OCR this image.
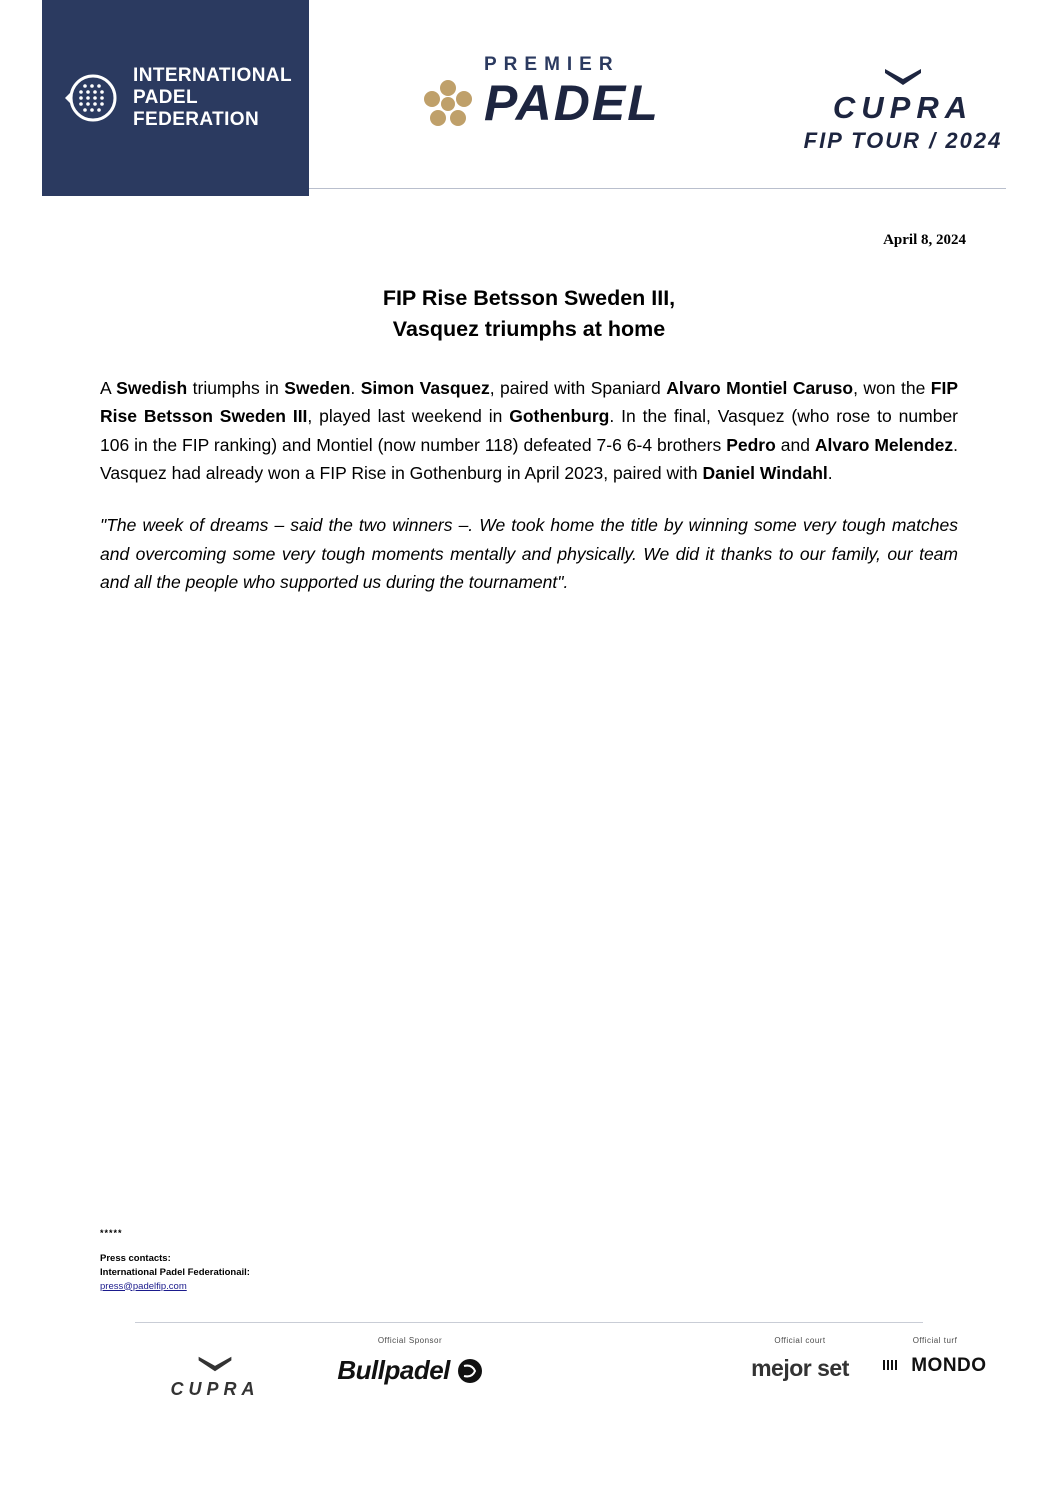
INTERNATIONAL
PADEL
FEDERATION
PREMIER
PADEL	CUPRA
FIP TOUR / 2024
April 8, 2024
FIP Rise Betsson Sweden III,
Vasquez triumphs at home

A Swedish triumphs in Sweden. Simon Vasquez, paired with Spaniard Alvaro Montiel Caruso, won the FIP Rise Betsson Sweden III, played last weekend in Gothenburg. In the final, Vasquez (who rose to number 106 in the FIP ranking) and Montiel (now number 118) defeated 7-6 6-4 brothers Pedro and Alvaro Melendez. Vasquez had already won a FIP Rise in Gothenburg in April 2023, paired with Daniel Windahl.

"The week of dreams – said the two winners –. We took home the title by winning some very tough matches and overcoming some very tough moments mentally and physically. We did it thanks to our family, our team and all the people who supported us during the tournament".

*****
Press contacts:
International Padel Federationail:
press@padelfip.com
CUPRA
Official Sponsor
Bullpadel
Official court
mejor set
Official turf
MONDO
